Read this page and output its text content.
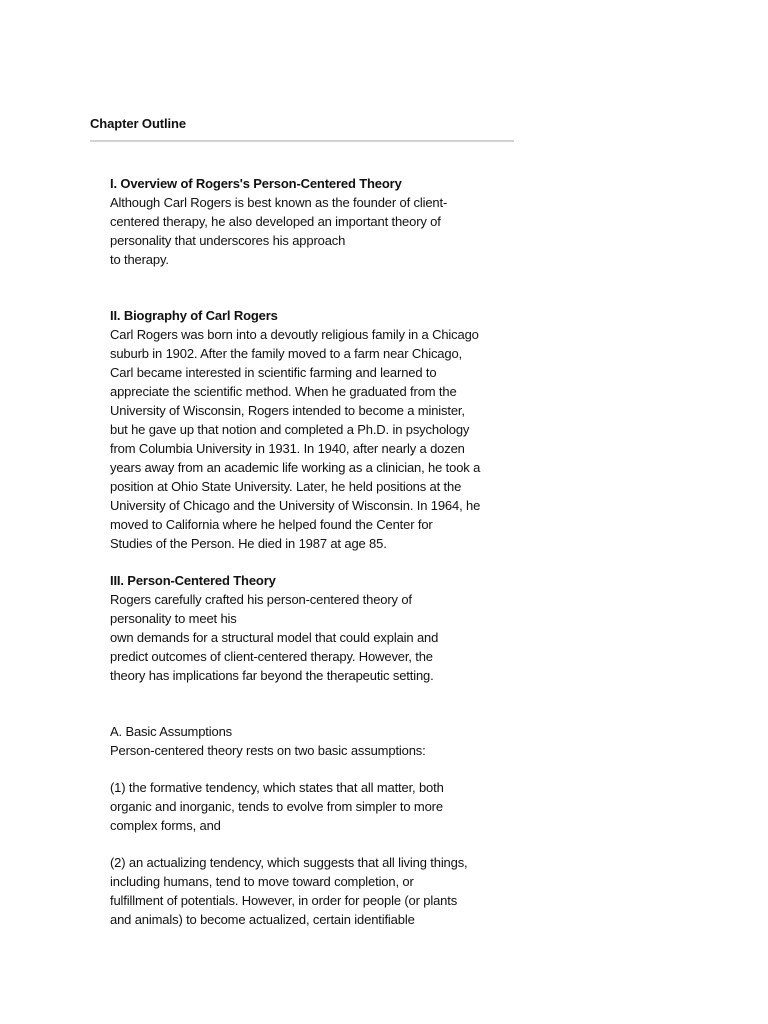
Chapter Outline
I. Overview of Rogers's Person-Centered Theory
Although Carl Rogers is best known as the founder of client-
centered therapy, he also developed an important theory of
personality that underscores his approach
to therapy.
II. Biography of Carl Rogers
Carl Rogers was born into a devoutly religious family in a Chicago
suburb in 1902. After the family moved to a farm near Chicago,
Carl became interested in scientific farming and learned to
appreciate the scientific method. When he graduated from the
University of Wisconsin, Rogers intended to become a minister,
but he gave up that notion and completed a Ph.D. in psychology
from Columbia University in 1931. In 1940, after nearly a dozen
years away from an academic life working as a clinician, he took a
position at Ohio State University. Later, he held positions at the
University of Chicago and the University of Wisconsin. In 1964, he
moved to California where he helped found the Center for
Studies of the Person. He died in 1987 at age 85.
III. Person-Centered Theory
Rogers carefully crafted his person-centered theory of
personality to meet his
own demands for a structural model that could explain and
predict outcomes of client-centered therapy. However, the
theory has implications far beyond the therapeutic setting.
A. Basic Assumptions
Person-centered theory rests on two basic assumptions:
(1) the formative tendency, which states that all matter, both
organic and inorganic, tends to evolve from simpler to more
complex forms, and
(2) an actualizing tendency, which suggests that all living things,
including humans, tend to move toward completion, or
fulfillment of potentials. However, in order for people (or plants
and animals) to become actualized, certain identifiable
